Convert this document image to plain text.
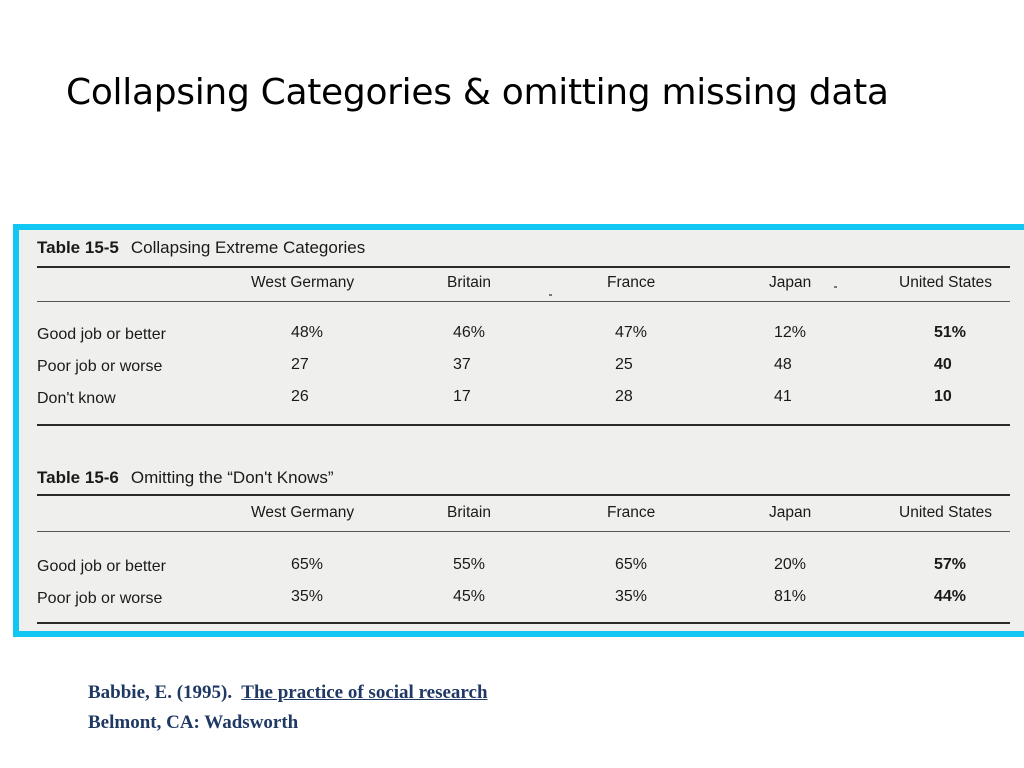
Collapsing Categories & omitting missing data
Table 15-5 Collapsing Extreme Categories
West Germany	Britain	France	Japan	United States
Good job or better	48%	46%	47%	12%	51%
Poor job or worse	27	37	25	48	40
Don't know	26	17	28	41	10
Table 15-6 Omitting the “Don't Knows”
West Germany	Britain	France	Japan	United States
Good job or better	65%	55%	65%	20%	57%
Poor job or worse	35%	45%	35%	81%	44%
Babbie, E. (1995). The practice of social research
Belmont, CA: Wadsworth
